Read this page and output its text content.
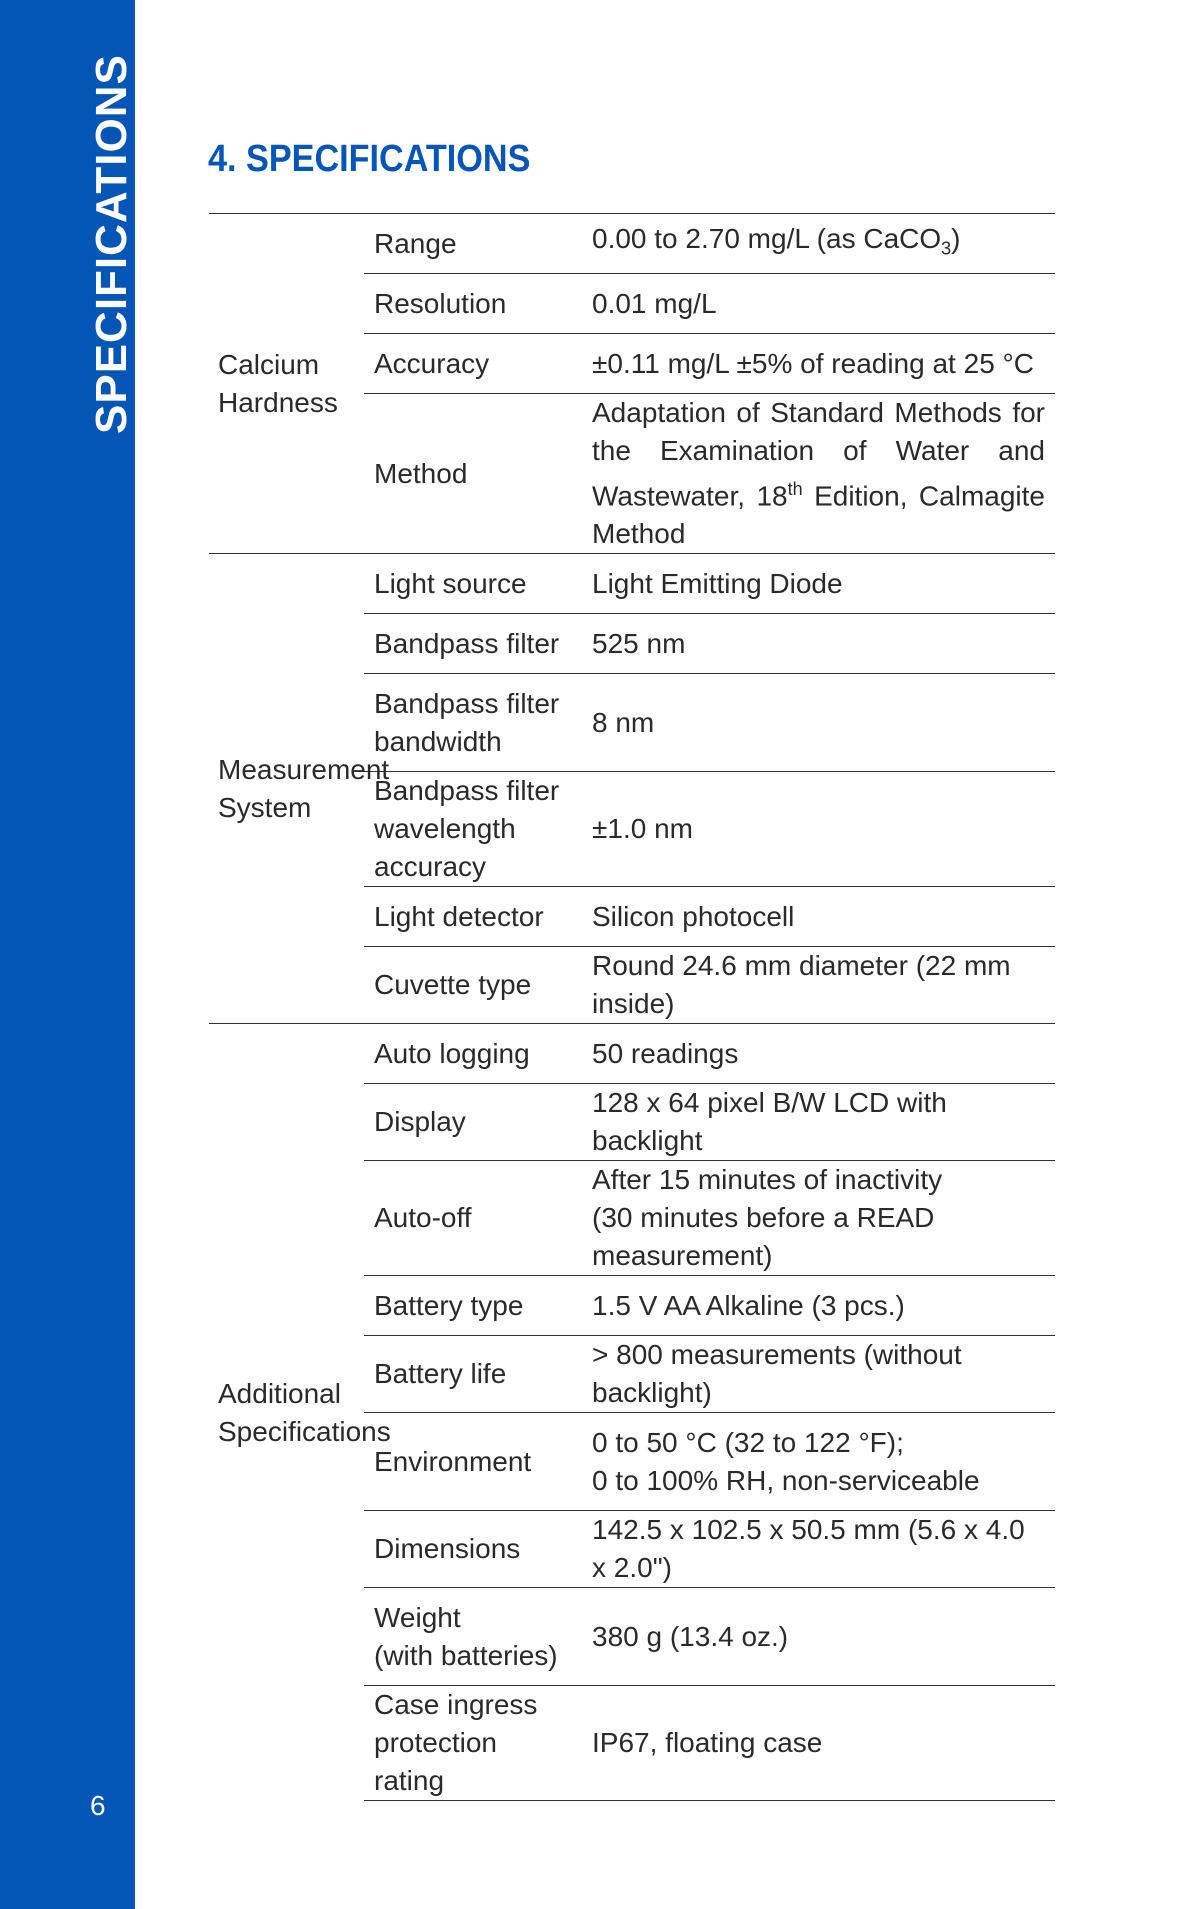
SPECIFICATIONS
6
4. SPECIFICATIONS
Calcium
Hardness	Range	0.00 to 2.70 mg/L (as CaCO$_3$)
	Resolution	0.01 mg/L
	Accuracy	±0.11 mg/L ±5% of reading at 25 °C
	Method	Adaptation of Standard Methods for the Examination of Water and Wastewater, 18th Edition, Calmagite Method
Measurement
System	Light source	Light Emitting Diode
	Bandpass filter	525 nm
	Bandpass filter
bandwidth	8 nm
	Bandpass filter
wavelength accuracy	±1.0 nm
	Light detector	Silicon photocell
	Cuvette type	Round 24.6 mm diameter (22 mm inside)
Additional
Specifications	Auto logging	50 readings
	Display	128 x 64 pixel B/W LCD with backlight
	Auto-off	After 15 minutes of inactivity
(30 minutes before a READ measurement)
	Battery type	1.5 V AA Alkaline (3 pcs.)
	Battery life	> 800 measurements (without backlight)
	Environment	0 to 50 °C (32 to 122 °F);
0 to 100% RH, non-serviceable
	Dimensions	142.5 x 102.5 x 50.5 mm (5.6 x 4.0 x 2.0")
	Weight
(with batteries)	380 g (13.4 oz.)
	Case ingress
protection rating	IP67, floating case
